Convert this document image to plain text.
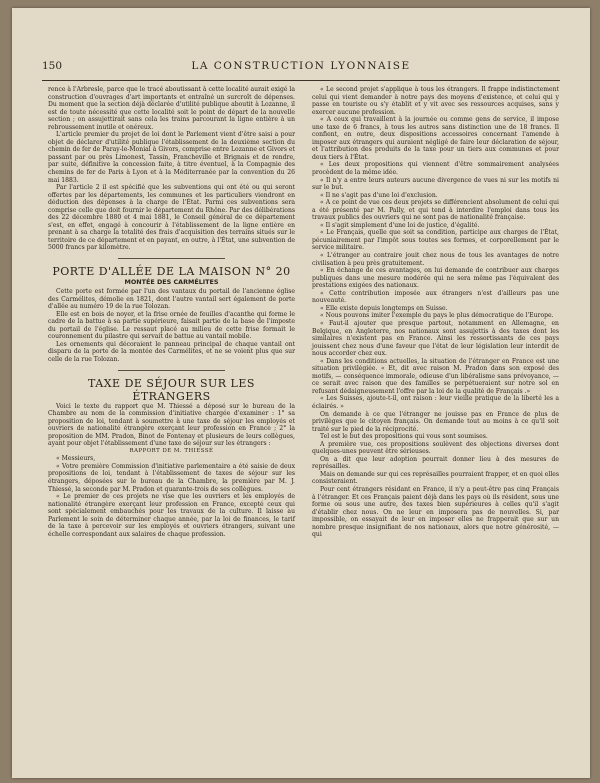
150	LA CONSTRUCTION LYONNAISE

rence à l'Arbresle, parce que le tracé aboutissant à cette localité aurait exigé la construction d'ouvrages d'art importants et entraîné un surcroît de dépenses. Du moment que la section déjà déclarée d'utilité publique aboutit à Lozanne, il est de toute nécessité que cette localité soit le point de départ de la nouvelle section ; on assujettirait sans cela les trains parcourant la ligne entière à un rebroussement inutile et onéreux.

L'article premier du projet de loi dont le Parlement vient d'être saisi a pour objet de déclarer d'utilité publique l'établissement de la deuxième section du chemin de fer de Paray-le-Monial à Givors, comprise entre Lozanne et Givors et passant par ou près Limonest, Tassin, Francheville et Brignais et de rendre, par suite, définitive la concession faite, à titre éventuel, à la Compagnie des chemins de fer de Paris à Lyon et à la Méditerranée par la convention du 26 mai 1883.

Par l'article 2 il est spécifié que les subventions qui ont été ou qui seront offertes par les départements, les communes et les particuliers viendront en déduction des dépenses à la charge de l'État. Parmi ces subventions sera comprise celle que doit fournir le département du Rhône. Par des délibérations des 22 décembre 1880 et 4 mai 1881, le Conseil général de ce département s'est, en effet, engagé à concourir à l'établissement de la ligne entière en prenant à sa charge la totalité des frais d'acquisition des terrains situés sur le territoire de ce département et en payant, en outre, à l'État, une subvention de 5000 francs par kilomètre.

PORTE D'ALLÉE DE LA MAISON N° 20
MONTÉE DES CARMÉLITES

Cette porte est formée par l'un des vantaux du portail de l'ancienne église des Carmélites, démolie en 1821, dont l'autre vantail sert également de porte d'allée au numéro 19 de la rue Tolozan.

Elle est en bois de noyer, et la frise ornée de feuilles d'acanthe qui forme le cadre de la battue à sa partie supérieure, faisait partie de la base de l'imposte du portail de l'église. Le ressaut placé au milieu de cette frise formait le couronnement du pilastre qui servait de battue au vantail mobile.

Les ornements qui décoraient le panneau principal de chaque vantail ont disparu de la porte de la montée des Carmélites, et ne se voient plus que sur celle de la rue Tolozan.

TAXE DE SÉJOUR SUR LES ÉTRANGERS

Voici le texte du rapport que M. Thiessé a déposé sur le bureau de la Chambre au nom de la commission d'initiative chargée d'examiner : 1° sa proposition de loi, tendant à soumettre à une taxe de séjour les employés et ouvriers de nationalité étrangère exerçant leur profession en France ; 2° la proposition de MM. Pradon, Binot de Fontenay et plusieurs de leurs collègues, ayant pour objet l'établissement d'une taxe de séjour sur les étrangers :

RAPPORT DE M. THIESSÉ

« Messieurs,

« Votre première Commission d'initiative parlementaire a été saisie de deux propositions de loi, tendant à l'établissement de taxes de séjour sur les étrangers, déposées sur le bureau de la Chambre, la première par M. J. Thiessé, la seconde par M. Pradon et quarante-trois de ses collègues.

« Le premier de ces projets ne vise que les ouvriers et les employés de nationalité étrangère exerçant leur profession en France, excepté ceux qui sont spécialement embauchés pour les travaux de la culture. Il laisse au Parlement le soin de déterminer chaque année, par la loi de finances, le tarif de la taxe à percevoir sur les employés et ouvriers étrangers, suivant une échelle correspondant aux salaires de chaque profession.

« Le second projet s'applique à tous les étrangers. Il frappe indistinctement celui qui vient demander à notre pays des moyens d'existence, et celui qui y passe en touriste ou s'y établit et y vit avec ses ressources acquises, sans y exercer aucune profession.

« A ceux qui travaillent à la journée ou comme gens de service, il impose une taxe de 6 francs, à tous les autres sans distinction une de 18 francs. Il confient, en outre, deux dispositions accessoires concernant l'amende à imposer aux étrangers qui auraient négligé de faire leur déclaration de séjour, et l'attribution des produits de la taxe pour un tiers aux communes et pour deux tiers à l'État.

« Les deux propositions qui viennent d'être sommairement analysées procèdent de la même idée.

« Il n'y a entre leurs auteurs aucune divergence de vues ni sur les motifs ni sur le but.

« Il ne s'agit pas d'une loi d'exclusion.

« A ce point de vue ces deux projets se différencient absolument de celui qui a été présenté par M. Pally, et qui tend à interdire l'emploi dans tous les travaux publics des ouvriers qui ne sont pas de nationalité française.

« Il s'agit simplement d'une loi de justice, d'égalité.

« Le Français, quelle que soit sa condition, participe aux charges de l'État, pécuniairement par l'impôt sous toutes ses formes, et corporellement par le service militaire.

« L'étranger au contraire jouit chez nous de tous les avantages de notre civilisation à peu près gratuitement.

« En échange de ces avantages, on lui demande de contribuer aux charges publiques dans une mesure modérée qui ne sera même pas l'équivalent des prestations exigées des nationaux.

« Cette contribution imposée aux étrangers n'est d'ailleurs pas une nouveauté.

« Elle existe depuis longtemps en Suisse.

« Nous pouvons imiter l'exemple du pays le plus démocratique de l'Europe.

« Faut-il ajouter que presque partout, notamment en Allemagne, en Belgique, en Angleterre, nos nationaux sont assujettis à des taxes dont les similaires n'existent pas en France. Ainsi les ressortissants de ces pays jouissent chez nous d'une faveur que l'état de leur législation leur interdit de nous accorder chez eux.

« Dans les conditions actuelles, la situation de l'étranger en France est une situation privilégiée. « Et, dit avec raison M. Pradon dans son exposé des motifs, — conséquence immorale, odieuse d'un libéralisme sans prévoyance, — ce serait avec raison que des familles se perpétueraient sur notre sol en refusant dédaigneusement l'offre par la loi de la qualité de Français .»

« Les Suisses, ajoute-t-il, ont raison : leur vieille pratique de la liberté les a éclairés. »

On demande à ce que l'étranger ne jouisse pas en France de plus de privilèges que le citoyen français. On demande tout au moins à ce qu'il soit traité sur le pied de la réciprocité.

Tel est le but des propositions qui vous sont soumises.

A première vue, ces propositions soulèvent des objections diverses dont quelques-unes peuvent être sérieuses.

On a dit que leur adoption pourrait donner lieu à des mesures de représailles.

Mais on demande sur qui ces représailles pourraient frapper, et en quoi elles consisteraient.

Pour cent étrangers résidant en France, il n'y a peut-être pas cinq Français à l'étranger. Et ces Français paient déjà dans les pays où ils résident, sous une forme ou sous une autre, des taxes bien supérieures à celles qu'il s'agit d'établir chez nous. On ne leur en imposera pas de nouvelles. Si, par impossible, on essayait de leur en imposer elles ne frapperait que sur un nombre presque insignifiant de nos nationaux, alors que notre générosité, — qui
